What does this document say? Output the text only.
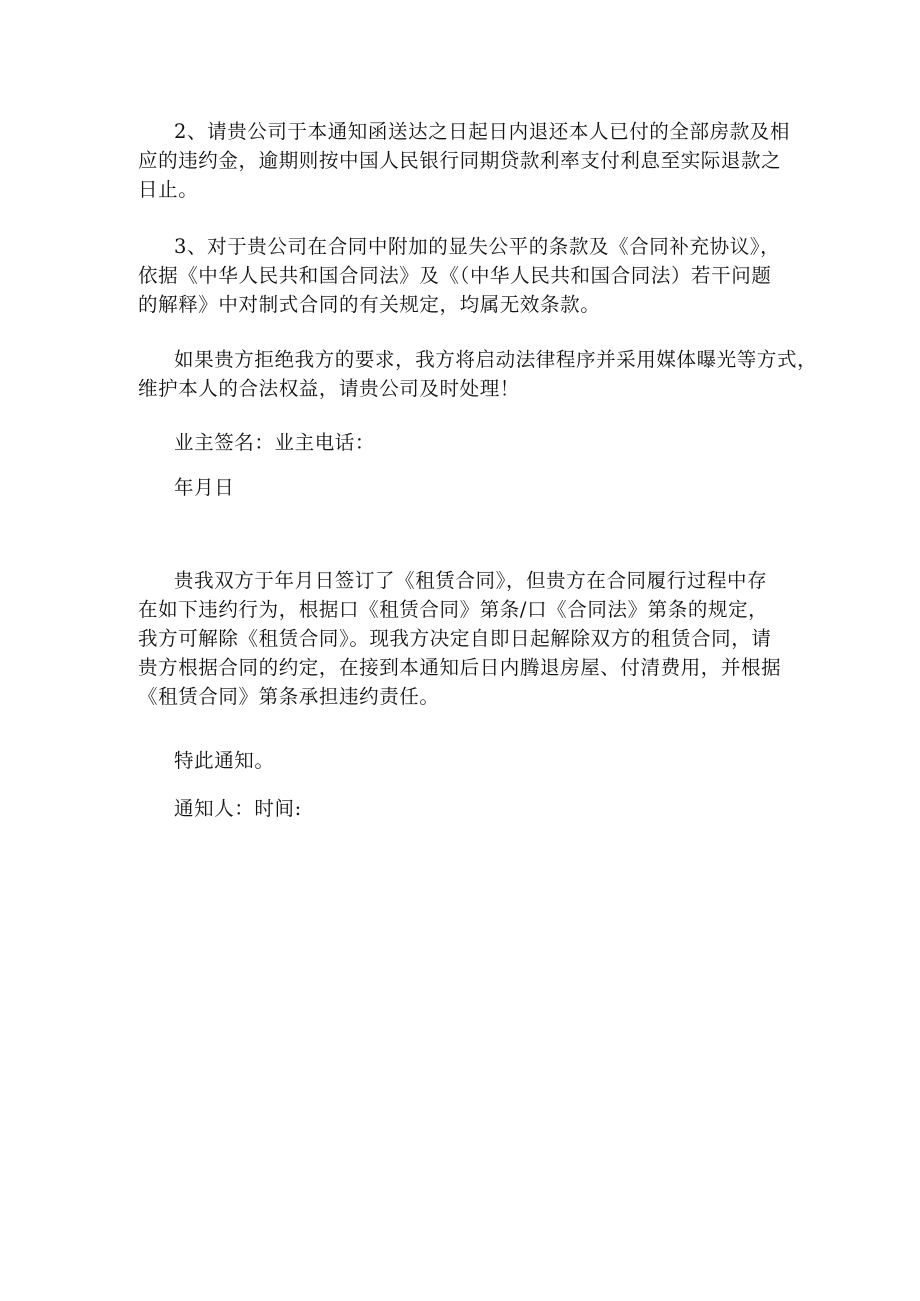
2、请贵公司于本通知函送达之日起日内退还本人已付的全部房款及相
应的违约金，逾期则按中国人民银行同期贷款利率支付利息至实际退款之
日止。

3、对于贵公司在合同中附加的显失公平的条款及《合同补充协议》，
依据《中华人民共和国合同法》及《（中华人民共和国合同法）若干问题
的解释》中对制式合同的有关规定，均属无效条款。

如果贵方拒绝我方的要求，我方将启动法律程序并采用媒体曝光等方式，
维护本人的合法权益，请贵公司及时处理！

业主签名：业主电话：

年月日

贵我双方于年月日签订了《租赁合同》，但贵方在合同履行过程中存
在如下违约行为，根据口《租赁合同》第条/口《合同法》第条的规定，
我方可解除《租赁合同》。现我方决定自即日起解除双方的租赁合同，请
贵方根据合同的约定，在接到本通知后日内腾退房屋、付清费用，并根据
《租赁合同》第条承担违约责任。

特此通知。

通知人：时间:
